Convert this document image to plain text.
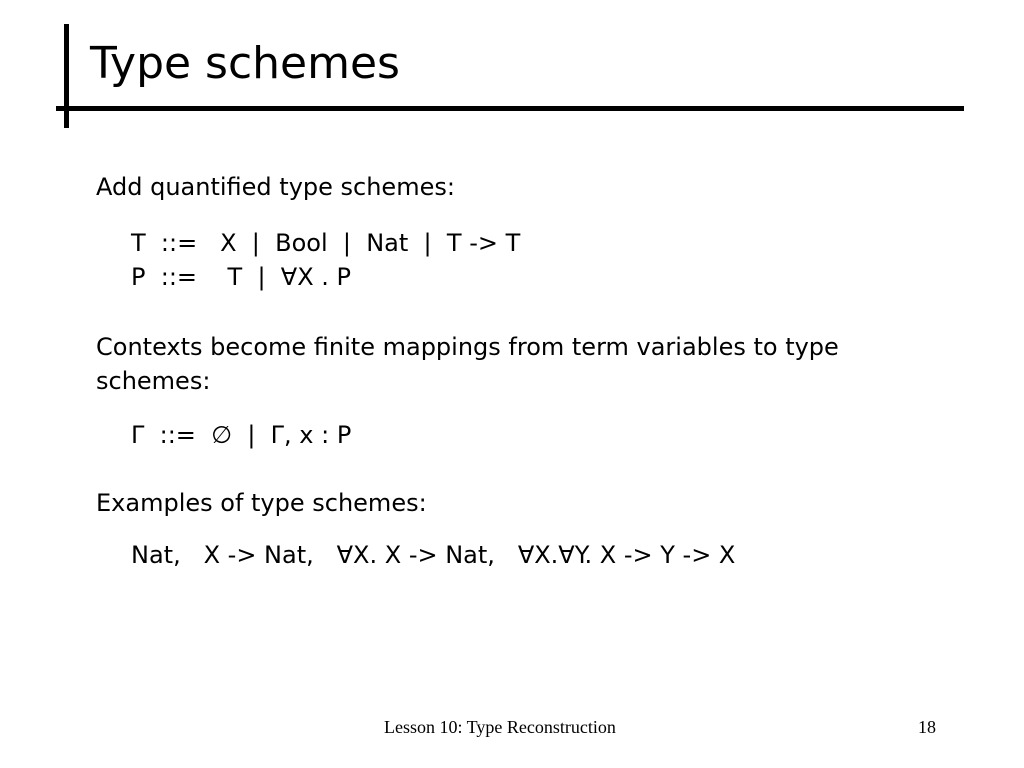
Type schemes
Add quantified type schemes:
T  ::=   X  |  Bool  |  Nat  |  T -> T
P  ::=    T  |  ∀X . P
Contexts become finite mappings from term variables to type
schemes:
Γ  ::=  ∅  |  Γ, x : P
Examples of type schemes:
Nat,   X -> Nat,   ∀X. X -> Nat,   ∀X.∀Y. X -> Y -> X
Lesson 10: Type Reconstruction	18
